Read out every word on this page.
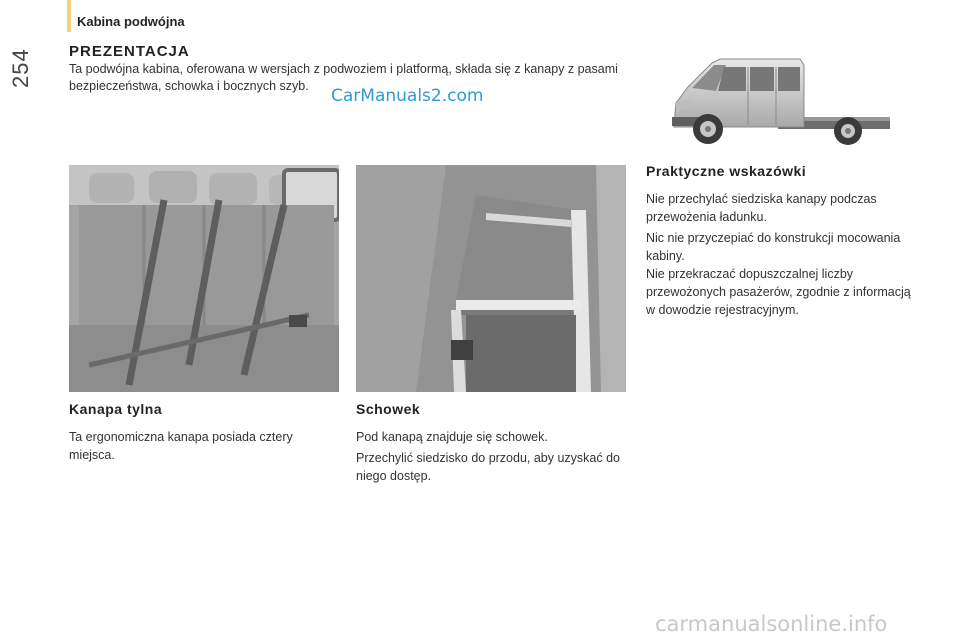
254
Kabina podwójna
PREZENTACJA
Ta podwójna kabina, oferowana w wersjach z podwoziem i platformą, składa się z kanapy z pasami bezpieczeństwa, schowka i bocznych szyb.	CarManuals2.com
Kanapa tylna
Ta ergonomiczna kanapa posiada cztery miejsca.
Schowek
Pod kanapą znajduje się schowek.
Przechylić siedzisko do przodu, aby uzyskać do niego dostęp.
Praktyczne wskazówki
Nie przechylać siedziska kanapy podczas przewożenia ładunku.
Nic nie przyczepiać do konstrukcji mocowania kabiny.
Nie przekraczać dopuszczalnej liczby przewożonych pasażerów, zgodnie z informacją w dowodzie rejestracyjnym.
carmanualsonline.info
